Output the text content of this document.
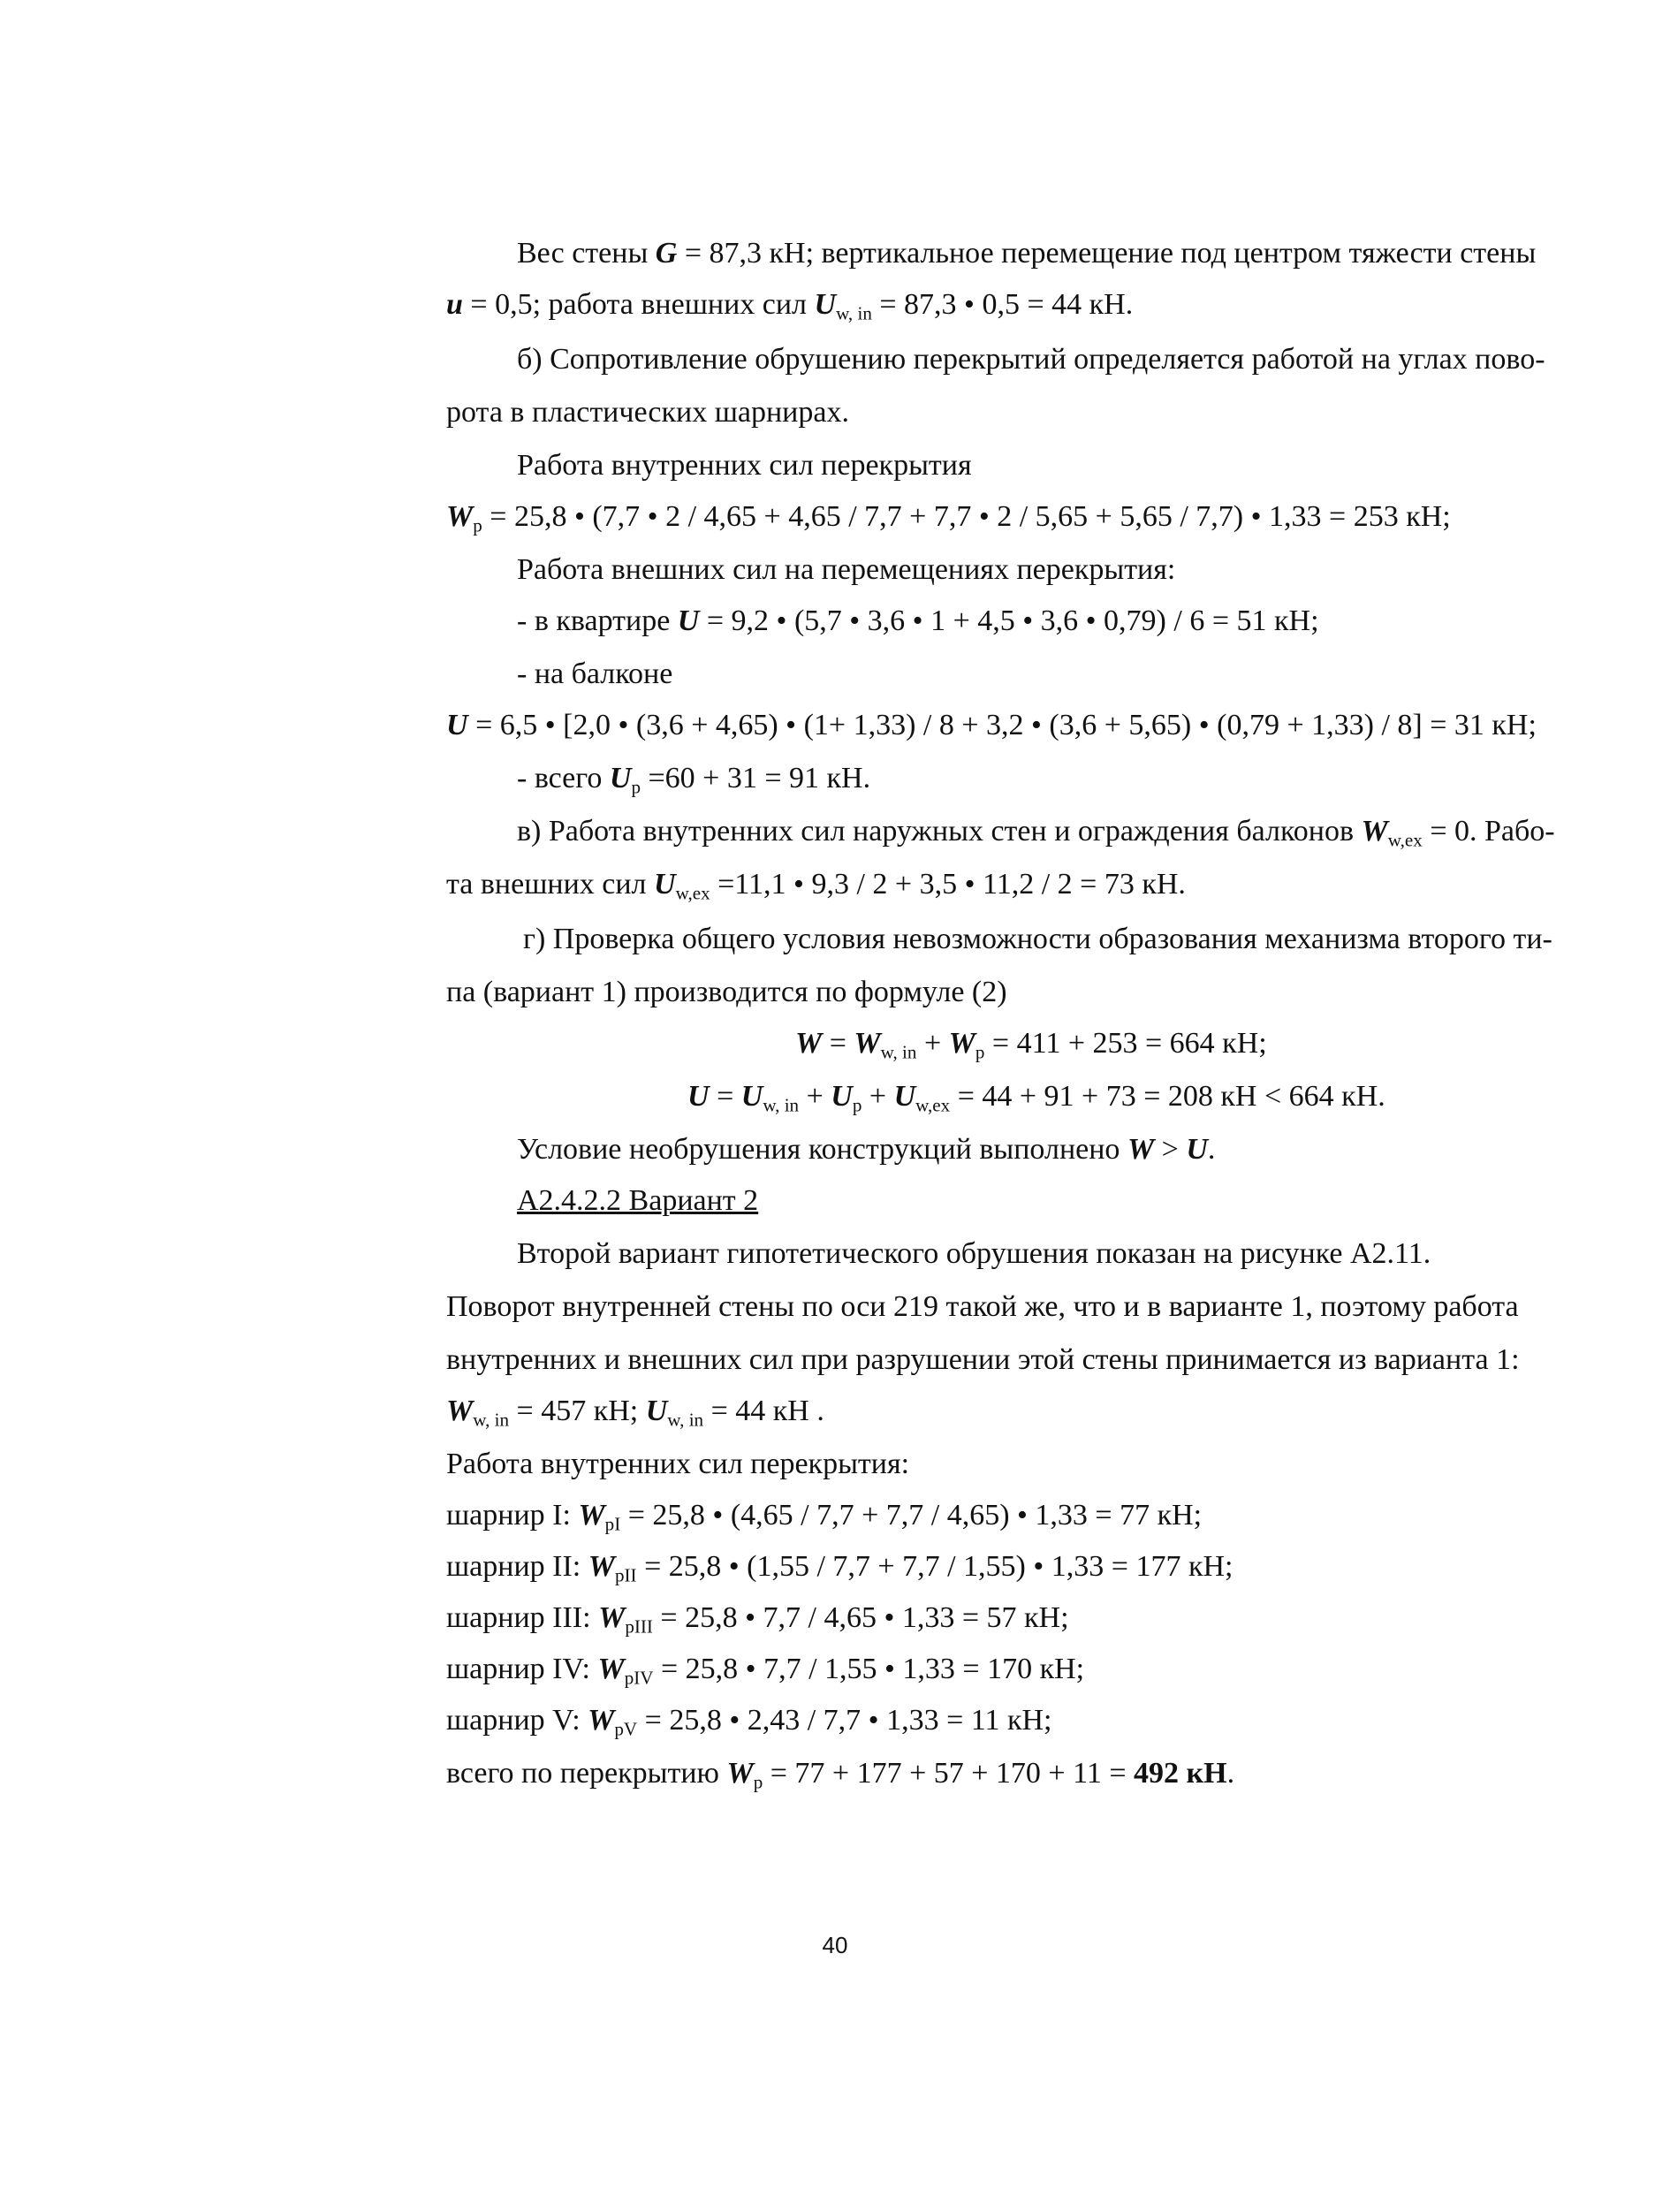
Вес стены G = 87,3 кН; вертикальное перемещение под центром тяжести стены
u = 0,5; работа внешних сил $U_{w, in} = 87,3$ • 0,5 = 44 кН.
б) Сопротивление обрушению перекрытий определяется работой на углах пово-
рота в пластических шарнирах.
Работа внутренних сил перекрытия
$W_p = 25,8$ • (7,7 • 2 / 4,65 + 4,65 / 7,7 + 7,7 • 2 / 5,65 + 5,65 / 7,7) • 1,33 = 253 кН;
Работа внешних сил на перемещениях перекрытия:
- в квартире U = 9,2 • (5,7 • 3,6 • 1 + 4,5 • 3,6 • 0,79) / 6 = 51 кН;
- на балконе
U = 6,5 • [2,0 • (3,6 + 4,65) • (1+ 1,33) / 8 + 3,2 • (3,6 + 5,65) • (0,79 + 1,33) / 8] = 31 кН;
- всего $U_p =60 + 31 = 91$ кН.
в) Работа внутренних сил наружных стен и ограждения балконов $W_{w,ex} = 0$. Рабо-
та внешних сил $U_{w,ex} =11,1$ • 9,3 / 2 + 3,5 • 11,2 / 2 = 73 кН.
г) Проверка общего условия невозможности образования механизма второго ти-
па (вариант 1) производится по формуле (2)
$W = W_{w, in} + W_p = 411 + 253 = 664$ кН;
$U = U_{w, in} + U_p + U_{w,ex} = 44 + 91 + 73 = 208$ кН < 664 кН.
Условие необрушения конструкций выполнено W > U.
А2.4.2.2 Вариант 2
Второй вариант гипотетического обрушения показан на рисунке А2.11.
Поворот внутренней стены по оси 219 такой же, что и в варианте 1, поэтому работа
внутренних и внешних сил при разрушении этой стены принимается из варианта 1:
$W_{w, in} = 457$ кН; $U_{w, in} = 44$ кН .
Работа внутренних сил перекрытия:
шарнир I: $W_{pI} = 25,8$ • (4,65 / 7,7 + 7,7 / 4,65) • 1,33 = 77 кН;
шарнир II: $W_{pII} = 25,8$ • (1,55 / 7,7 + 7,7 / 1,55) • 1,33 = 177 кН;
шарнир III: $W_{pIII} = 25,8$ • 7,7 / 4,65 • 1,33 = 57 кН;
шарнир IV: $W_{pIV} = 25,8$ • 7,7 / 1,55 • 1,33 = 170 кН;
шарнир V: $W_{pV} = 25,8$ • 2,43 / 7,7 • 1,33 = 11 кН;
всего по перекрытию $W_p = 77 + 177 + 57 + 170 + 11 = 492$ кН.
40
